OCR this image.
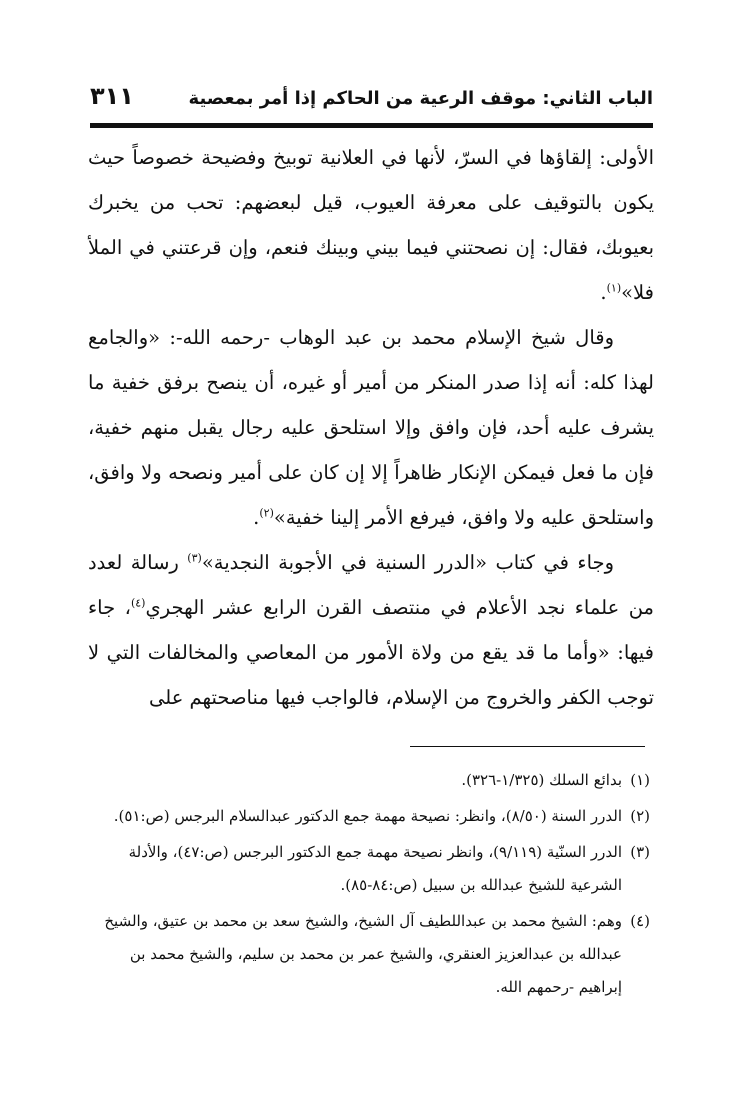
الباب الثاني: موقف الرعية من الحاكم إذا أمر بمعصية
٣١١

الأولى: إلقاؤها في السرّ، لأنها في العلانية توبيخ وفضيحة خصوصاً حيث يكون بالتوقيف على معرفة العيوب، قيل لبعضهم: تحب من يخبرك بعيوبك، فقال: إن نصحتني فيما بيني وبينك فنعم، وإن قرعتني في الملأ فلا»$^{(١)}$.

وقال شيخ الإسلام محمد بن عبد الوهاب -رحمه الله-: «والجامع لهذا كله: أنه إذا صدر المنكر من أمير أو غيره، أن ينصح برفق خفية ما يشرف عليه أحد، فإن وافق وإلا استلحق عليه رجال يقبل منهم خفية، فإن ما فعل فيمكن الإنكار ظاهراً إلا إن كان على أمير ونصحه ولا وافق، واستلحق عليه ولا وافق، فيرفع الأمر إلينا خفية»$^{(٢)}$.

وجاء في كتاب «الدرر السنية في الأجوبة النجدية»$^{(٣)}$ رسالة لعدد من علماء نجد الأعلام في منتصف القرن الرابع عشر الهجري$^{(٤)}$، جاء فيها: «وأما ما قد يقع من ولاة الأمور من المعاصي والمخالفات التي لا توجب الكفر والخروج من الإسلام، فالواجب فيها مناصحتهم على

(١)
بدائع السلك (١/٣٢٥-٣٢٦).
(٢)
الدرر السنة (٨/٥٠)، وانظر: نصيحة مهمة جمع الدكتور عبدالسلام البرجس (ص:٥١).
(٣)
الدرر السنّية (٩/١١٩)، وانظر نصيحة مهمة جمع الدكتور البرجس (ص:٤٧)، والأدلة الشرعية للشيخ عبدالله بن سبيل (ص:٨٤-٨٥).
(٤)
وهم: الشيخ محمد بن عبداللطيف آل الشيخ، والشيخ سعد بن محمد بن عتيق، والشيخ عبدالله بن عبدالعزيز العنقري، والشيخ عمر بن محمد بن سليم، والشيخ محمد بن إبراهيم -رحمهم الله.
